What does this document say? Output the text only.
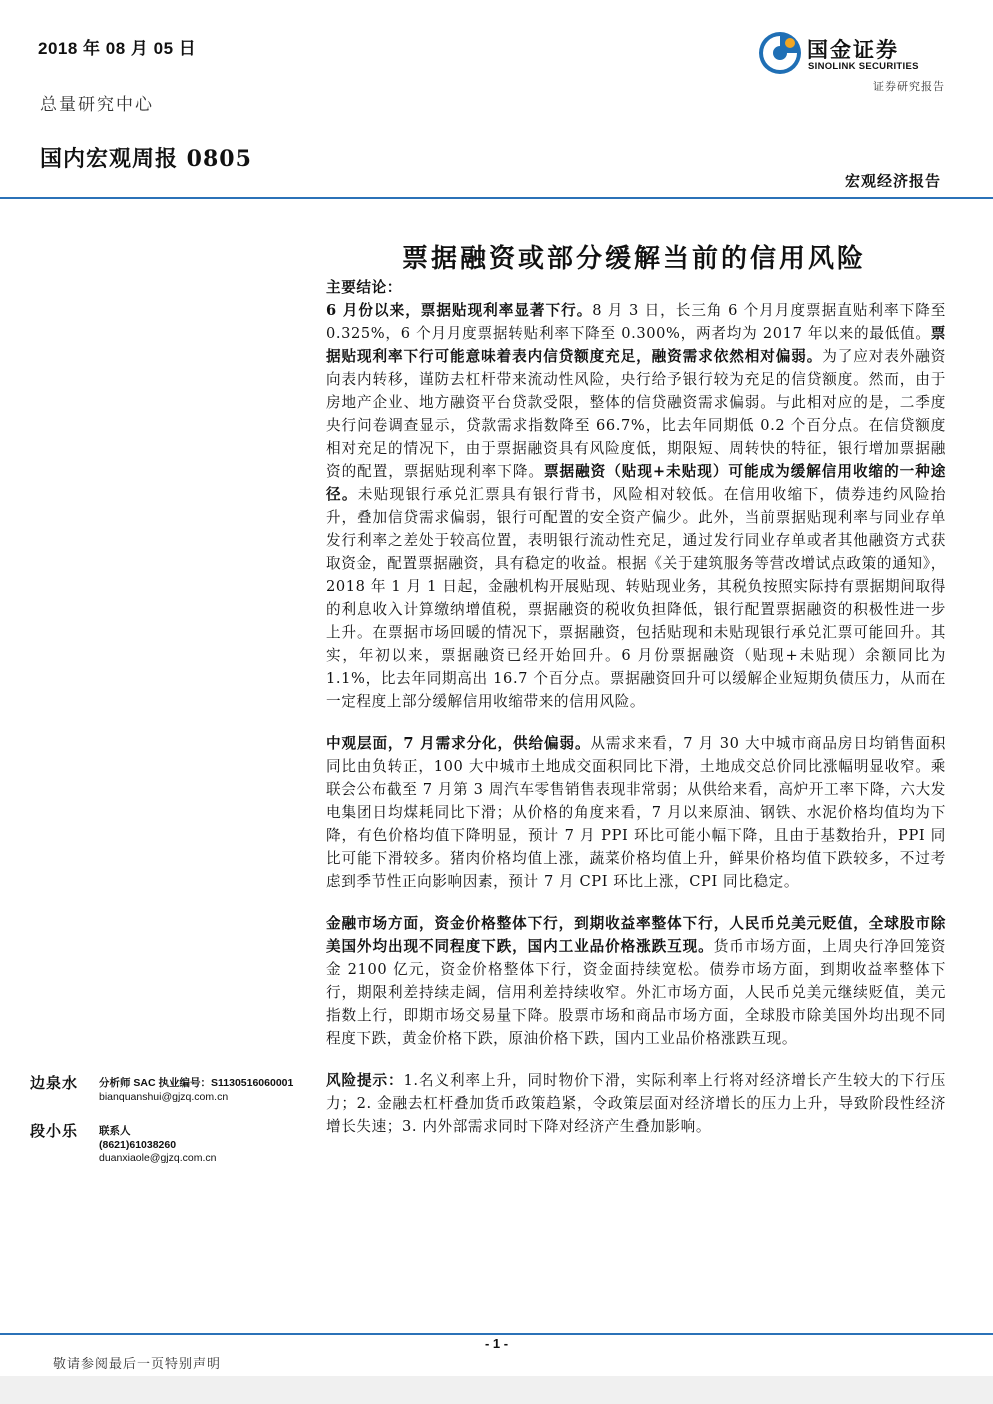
2018 年 08 月 05 日
总量研究中心
国内宏观周报 0805
国金证券
SINOLINK SECURITIES
证券研究报告
宏观经济报告
票据融资或部分缓解当前的信用风险

主要结论：

6 月份以来，票据贴现利率显著下行。8 月 3 日，长三角 6 个月月度票据直贴利率下降至 0.325%，6 个月月度票据转贴利率下降至 0.300%，两者均为 2017 年以来的最低值。票据贴现利率下行可能意味着表内信贷额度充足，融资需求依然相对偏弱。为了应对表外融资向表内转移，谨防去杠杆带来流动性风险，央行给予银行较为充足的信贷额度。然而，由于房地产企业、地方融资平台贷款受限，整体的信贷融资需求偏弱。与此相对应的是，二季度央行问卷调查显示，贷款需求指数降至 66.7%，比去年同期低 0.2 个百分点。在信贷额度相对充足的情况下，由于票据融资具有风险度低，期限短、周转快的特征，银行增加票据融资的配置，票据贴现利率下降。票据融资（贴现+未贴现）可能成为缓解信用收缩的一种途径。未贴现银行承兑汇票具有银行背书，风险相对较低。在信用收缩下，债券违约风险抬升，叠加信贷需求偏弱，银行可配置的安全资产偏少。此外，当前票据贴现利率与同业存单发行利率之差处于较高位置，表明银行流动性充足，通过发行同业存单或者其他融资方式获取资金，配置票据融资，具有稳定的收益。根据《关于建筑服务等营改增试点政策的通知》，2018 年 1 月 1 日起，金融机构开展贴现、转贴现业务，其税负按照实际持有票据期间取得的利息收入计算缴纳增值税，票据融资的税收负担降低，银行配置票据融资的积极性进一步上升。在票据市场回暖的情况下，票据融资，包括贴现和未贴现银行承兑汇票可能回升。其实，年初以来，票据融资已经开始回升。6 月份票据融资（贴现+未贴现）余额同比为 1.1%，比去年同期高出 16.7 个百分点。票据融资回升可以缓解企业短期负债压力，从而在一定程度上部分缓解信用收缩带来的信用风险。

中观层面，7 月需求分化，供给偏弱。从需求来看，7 月 30 大中城市商品房日均销售面积同比由负转正，100 大中城市土地成交面积同比下滑，土地成交总价同比涨幅明显收窄。乘联会公布截至 7 月第 3 周汽车零售销售表现非常弱；从供给来看，高炉开工率下降，六大发电集团日均煤耗同比下滑；从价格的角度来看，7 月以来原油、钢铁、水泥价格均值均为下降，有色价格均值下降明显，预计 7 月 PPI 环比可能小幅下降，且由于基数抬升，PPI 同比可能下滑较多。猪肉价格均值上涨，蔬菜价格均值上升，鲜果价格均值下跌较多，不过考虑到季节性正向影响因素，预计 7 月 CPI 环比上涨，CPI 同比稳定。

金融市场方面，资金价格整体下行，到期收益率整体下行，人民币兑美元贬值，全球股市除美国外均出现不同程度下跌，国内工业品价格涨跌互现。货币市场方面，上周央行净回笼资金 2100 亿元，资金价格整体下行，资金面持续宽松。债券市场方面，到期收益率整体下行，期限利差持续走阔，信用利差持续收窄。外汇市场方面，人民币兑美元继续贬值，美元指数上行，即期市场交易量下降。股票市场和商品市场方面，全球股市除美国外均出现不同程度下跌，黄金价格下跌，原油价格下跌，国内工业品价格涨跌互现。

风险提示：1.名义利率上升，同时物价下滑，实际利率上行将对经济增长产生较大的下行压力；2. 金融去杠杆叠加货币政策趋紧，令政策层面对经济增长的压力上升，导致阶段性经济增长失速；3. 内外部需求同时下降对经济产生叠加影响。

边泉水 分析师 SAC 执业编号：S1130516060001
bianquanshui@gjzq.com.cn
段小乐 联系人
(8621)61038260
duanxiaole@gjzq.com.cn
- 1 -
敬请参阅最后一页特别声明
